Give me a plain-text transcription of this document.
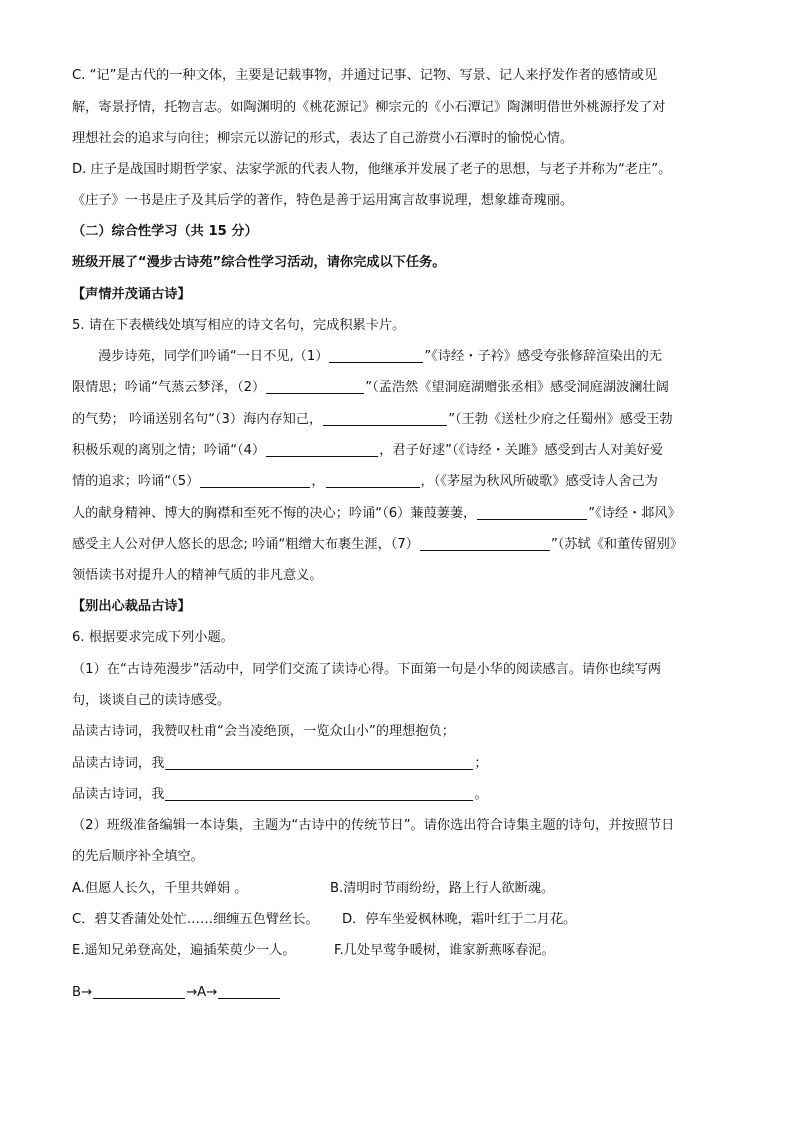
C. “记”是古代的一种文体，主要是记载事物，并通过记事、记物、写景、记人来抒发作者的感情或见
解，寄景抒情，托物言志。如陶渊明的《桃花源记》柳宗元的《小石潭记》陶渊明借世外桃源抒发了对
理想社会的追求与向往；柳宗元以游记的形式，表达了自己游赏小石潭时的愉悦心情。
D. 庄子是战国时期哲学家、法家学派的代表人物，他继承并发展了老子的思想，与老子并称为“老庄”。
《庄子》一书是庄子及其后学的著作，特色是善于运用寓言故事说理，想象雄奇瑰丽。
（二）综合性学习（共 15 分）
班级开展了“漫步古诗苑”综合性学习活动，请你完成以下任务。
【声情并茂诵古诗】
5. 请在下表横线处填写相应的诗文名句，完成积累卡片。
漫步诗苑，同学们吟诵“一日不见,（1）	”《诗经・子衿》感受夸张修辞渲染出的无
限情思；吟诵“气蒸云梦泽，（2）	”（孟浩然《望洞庭湖赠张丞相》感受洞庭湖波澜壮阔
的气势； 吟诵送别名句“（3）海内存知己，	”（王勃《送杜少府之任蜀州》感受王勃
积极乐观的离别之情；吟诵“（4）	，君子好逑”（《诗经・关雎》感受到古人对美好爱
情的追求；吟诵“（5）	，	，（《茅屋为秋风所破歌》感受诗人舍己为
人的献身精神、博大的胸襟和至死不悔的决心；吟诵“（6）蒹葭萋萋，	”《诗经・邶风》
感受主人公对伊人悠长的思念; 吟诵“粗缯大布裹生涯，（7）	”（苏轼《和董传留别》
领悟读书对提升人的精神气质的非凡意义。
【别出心裁品古诗】
6. 根据要求完成下列小题。
（1）在“古诗苑漫步”活动中，同学们交流了读诗心得。下面第一句是小华的阅读感言。请你也续写两
句，谈谈自己的读诗感受。
品读古诗词，我赞叹杜甫“会当凌绝顶，一览众山小”的理想抱负；
品读古诗词，我	；
品读古诗词，我	。
（2）班级准备编辑一本诗集，主题为“古诗中的传统节日”。请你选出符合诗集主题的诗句，并按照节日
的先后顺序补全填空。
A.但愿人长久，千里共婵娟 。	B.清明时节雨纷纷，路上行人欲断魂。
C．碧艾香蒲处处忙……细缠五色臂丝长。	D．停车坐爱枫林晚，霜叶红于二月花。
E.遥知兄弟登高处，遍插茱萸少一人。	F.几处早莺争暖树，谁家新燕啄春泥。
B→	→A→
